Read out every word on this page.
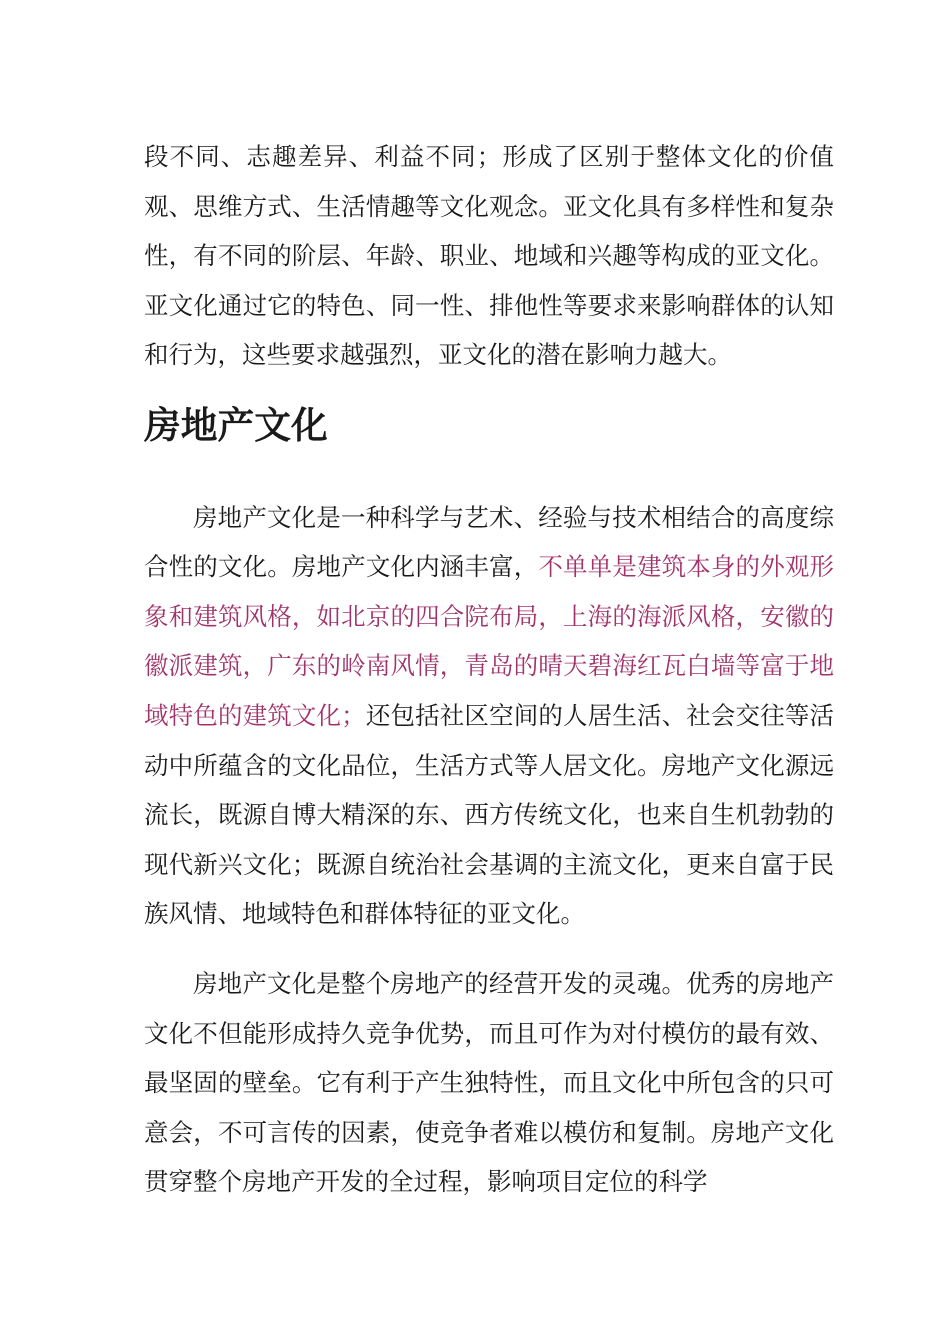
段不同、志趣差异、利益不同；形成了区别于整体文化的价值观、思维方式、生活情趣等文化观念。亚文化具有多样性和复杂性，有不同的阶层、年龄、职业、地域和兴趣等构成的亚文化。亚文化通过它的特色、同一性、排他性等要求来影响群体的认知和行为，这些要求越强烈，亚文化的潜在影响力越大。

房地产文化

房地产文化是一种科学与艺术、经验与技术相结合的高度综合性的文化。房地产文化内涵丰富，不单单是建筑本身的外观形象和建筑风格，如北京的四合院布局，上海的海派风格，安徽的徽派建筑，广东的岭南风情，青岛的晴天碧海红瓦白墙等富于地域特色的建筑文化；还包括社区空间的人居生活、社会交往等活动中所蕴含的文化品位，生活方式等人居文化。房地产文化源远流长，既源自博大精深的东、西方传统文化，也来自生机勃勃的现代新兴文化；既源自统治社会基调的主流文化，更来自富于民族风情、地域特色和群体特征的亚文化。

房地产文化是整个房地产的经营开发的灵魂。优秀的房地产文化不但能形成持久竞争优势，而且可作为对付模仿的最有效、最坚固的壁垒。它有利于产生独特性，而且文化中所包含的只可意会，不可言传的因素，使竞争者难以模仿和复制。房地产文化贯穿整个房地产开发的全过程，影响项目定位的科学
